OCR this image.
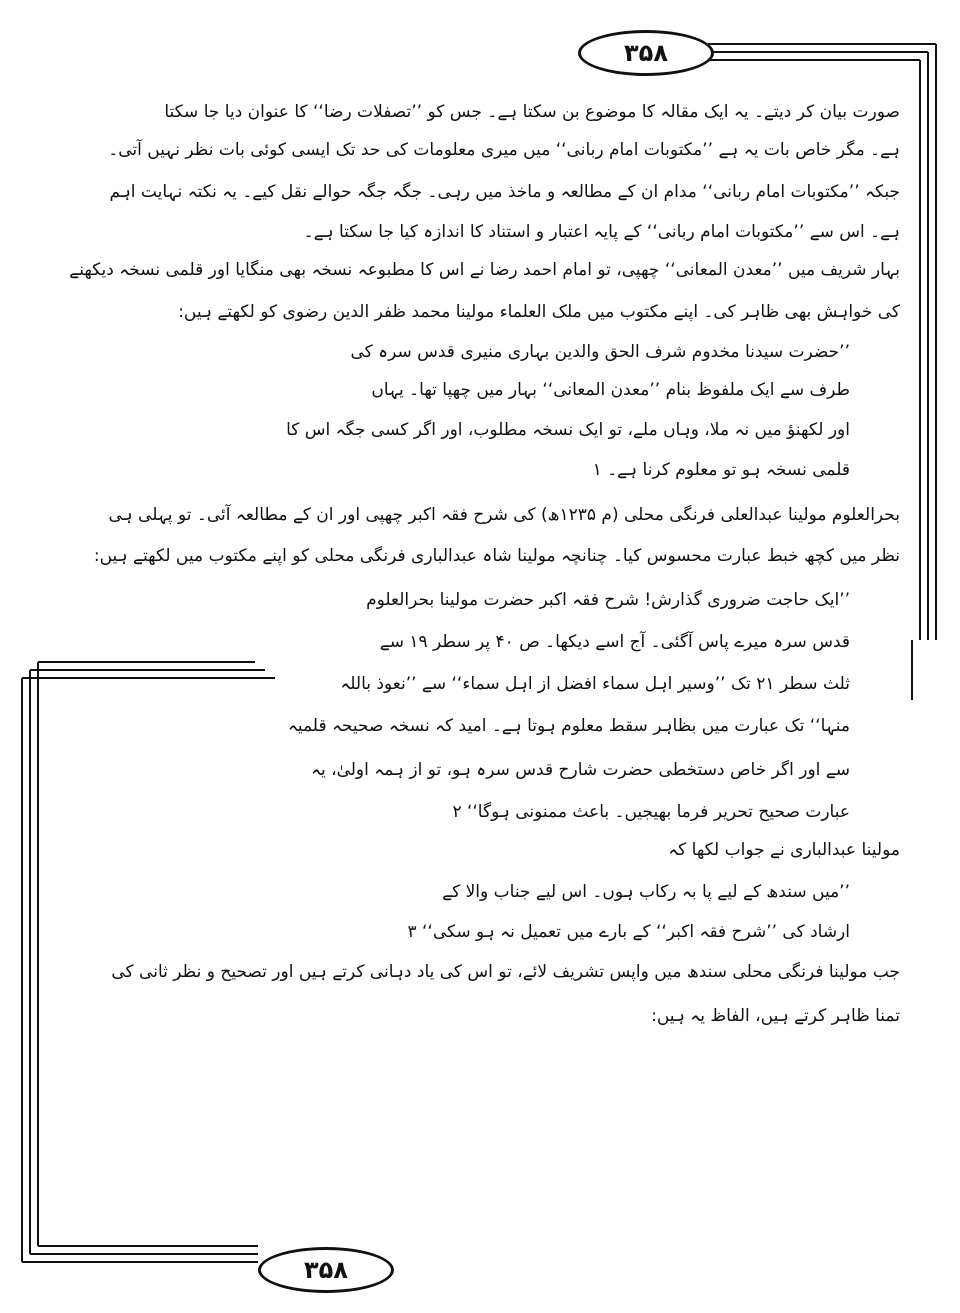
۳۵۸
۳۵۸
صورت بیان کر دیتے۔ یہ ایک مقالہ کا موضوع بن سکتا ہے۔ جس کو ’’تصفلات رضا‘‘ کا عنوان دیا جا سکتا
ہے۔ مگر خاص بات یہ ہے ’’مکتوبات امام ربانی‘‘ میں میری معلومات کی حد تک ایسی کوئی بات نظر نہیں آتی۔
جبکہ ’’مکتوبات امام ربانی‘‘ مدام ان کے مطالعہ و ماخذ میں رہی۔ جگہ جگہ حوالے نقل کیے۔ یہ نکتہ نہایت اہم
ہے۔ اس سے ’’مکتوبات امام ربانی‘‘ کے پایہ اعتبار و استناد کا اندازہ کیا جا سکتا ہے۔
بہار شریف میں ’’معدن المعانی‘‘ چھپی، تو امام احمد رضا نے اس کا مطبوعہ نسخہ بھی منگایا اور قلمی نسخہ دیکھنے
کی خواہش بھی ظاہر کی۔ اپنے مکتوب میں ملک العلماء مولینا محمد ظفر الدین رضوی کو لکھتے ہیں:
’’حضرت سیدنا مخدوم شرف الحق والدین بہاری منیری قدس سرہ کی
طرف سے ایک ملفوظ بنام ’’معدن المعانی‘‘ بہار میں چھپا تھا۔ یہاں
اور لکھنؤ میں نہ ملا، وہاں ملے، تو ایک نسخہ مطلوب، اور اگر کسی جگہ اس کا
قلمی نسخہ ہو تو معلوم کرنا ہے۔ ۱
بحرالعلوم مولینا عبدالعلی فرنگی محلی (م ۱۲۳۵ھ) کی شرح فقہ اکبر چھپی اور ان کے مطالعہ آئی۔ تو پہلی ہی
نظر میں کچھ خبط عبارت محسوس کیا۔ چنانچہ مولینا شاہ عبدالباری فرنگی محلی کو اپنے مکتوب میں لکھتے ہیں:
’’ایک حاجت ضروری گذارش! شرح فقہ اکبر حضرت مولینا بحرالعلوم
قدس سرہ میرے پاس آگئی۔ آج اسے دیکھا۔ ص ۴۰ پر سطر ۱۹ سے
ثلث سطر ۲۱ تک ’’وسیر اہل سماء افضل از اہل سماء‘‘ سے ’’نعوذ باللہ
منہا‘‘ تک عبارت میں بظاہر سقط معلوم ہوتا ہے۔ امید کہ نسخہ صحیحہ قلمیہ
سے اور اگر خاص دستخطی حضرت شارح قدس سرہ ہو، تو از ہمہ اولیٰ، یہ
عبارت صحیح تحریر فرما بھیجیں۔ باعث ممنونی ہوگا‘‘ ۲
مولینا عبدالباری نے جواب لکھا کہ
’’میں سندھ کے لیے پا بہ رکاب ہوں۔ اس لیے جناب والا کے
ارشاد کی ’’شرح فقہ اکبر‘‘ کے بارے میں تعمیل نہ ہو سکی‘‘ ۳
جب مولینا فرنگی محلی سندھ میں واپس تشریف لائے، تو اس کی یاد دہانی کرتے ہیں اور تصحیح و نظر ثانی کی
تمنا ظاہر کرتے ہیں، الفاظ یہ ہیں:
